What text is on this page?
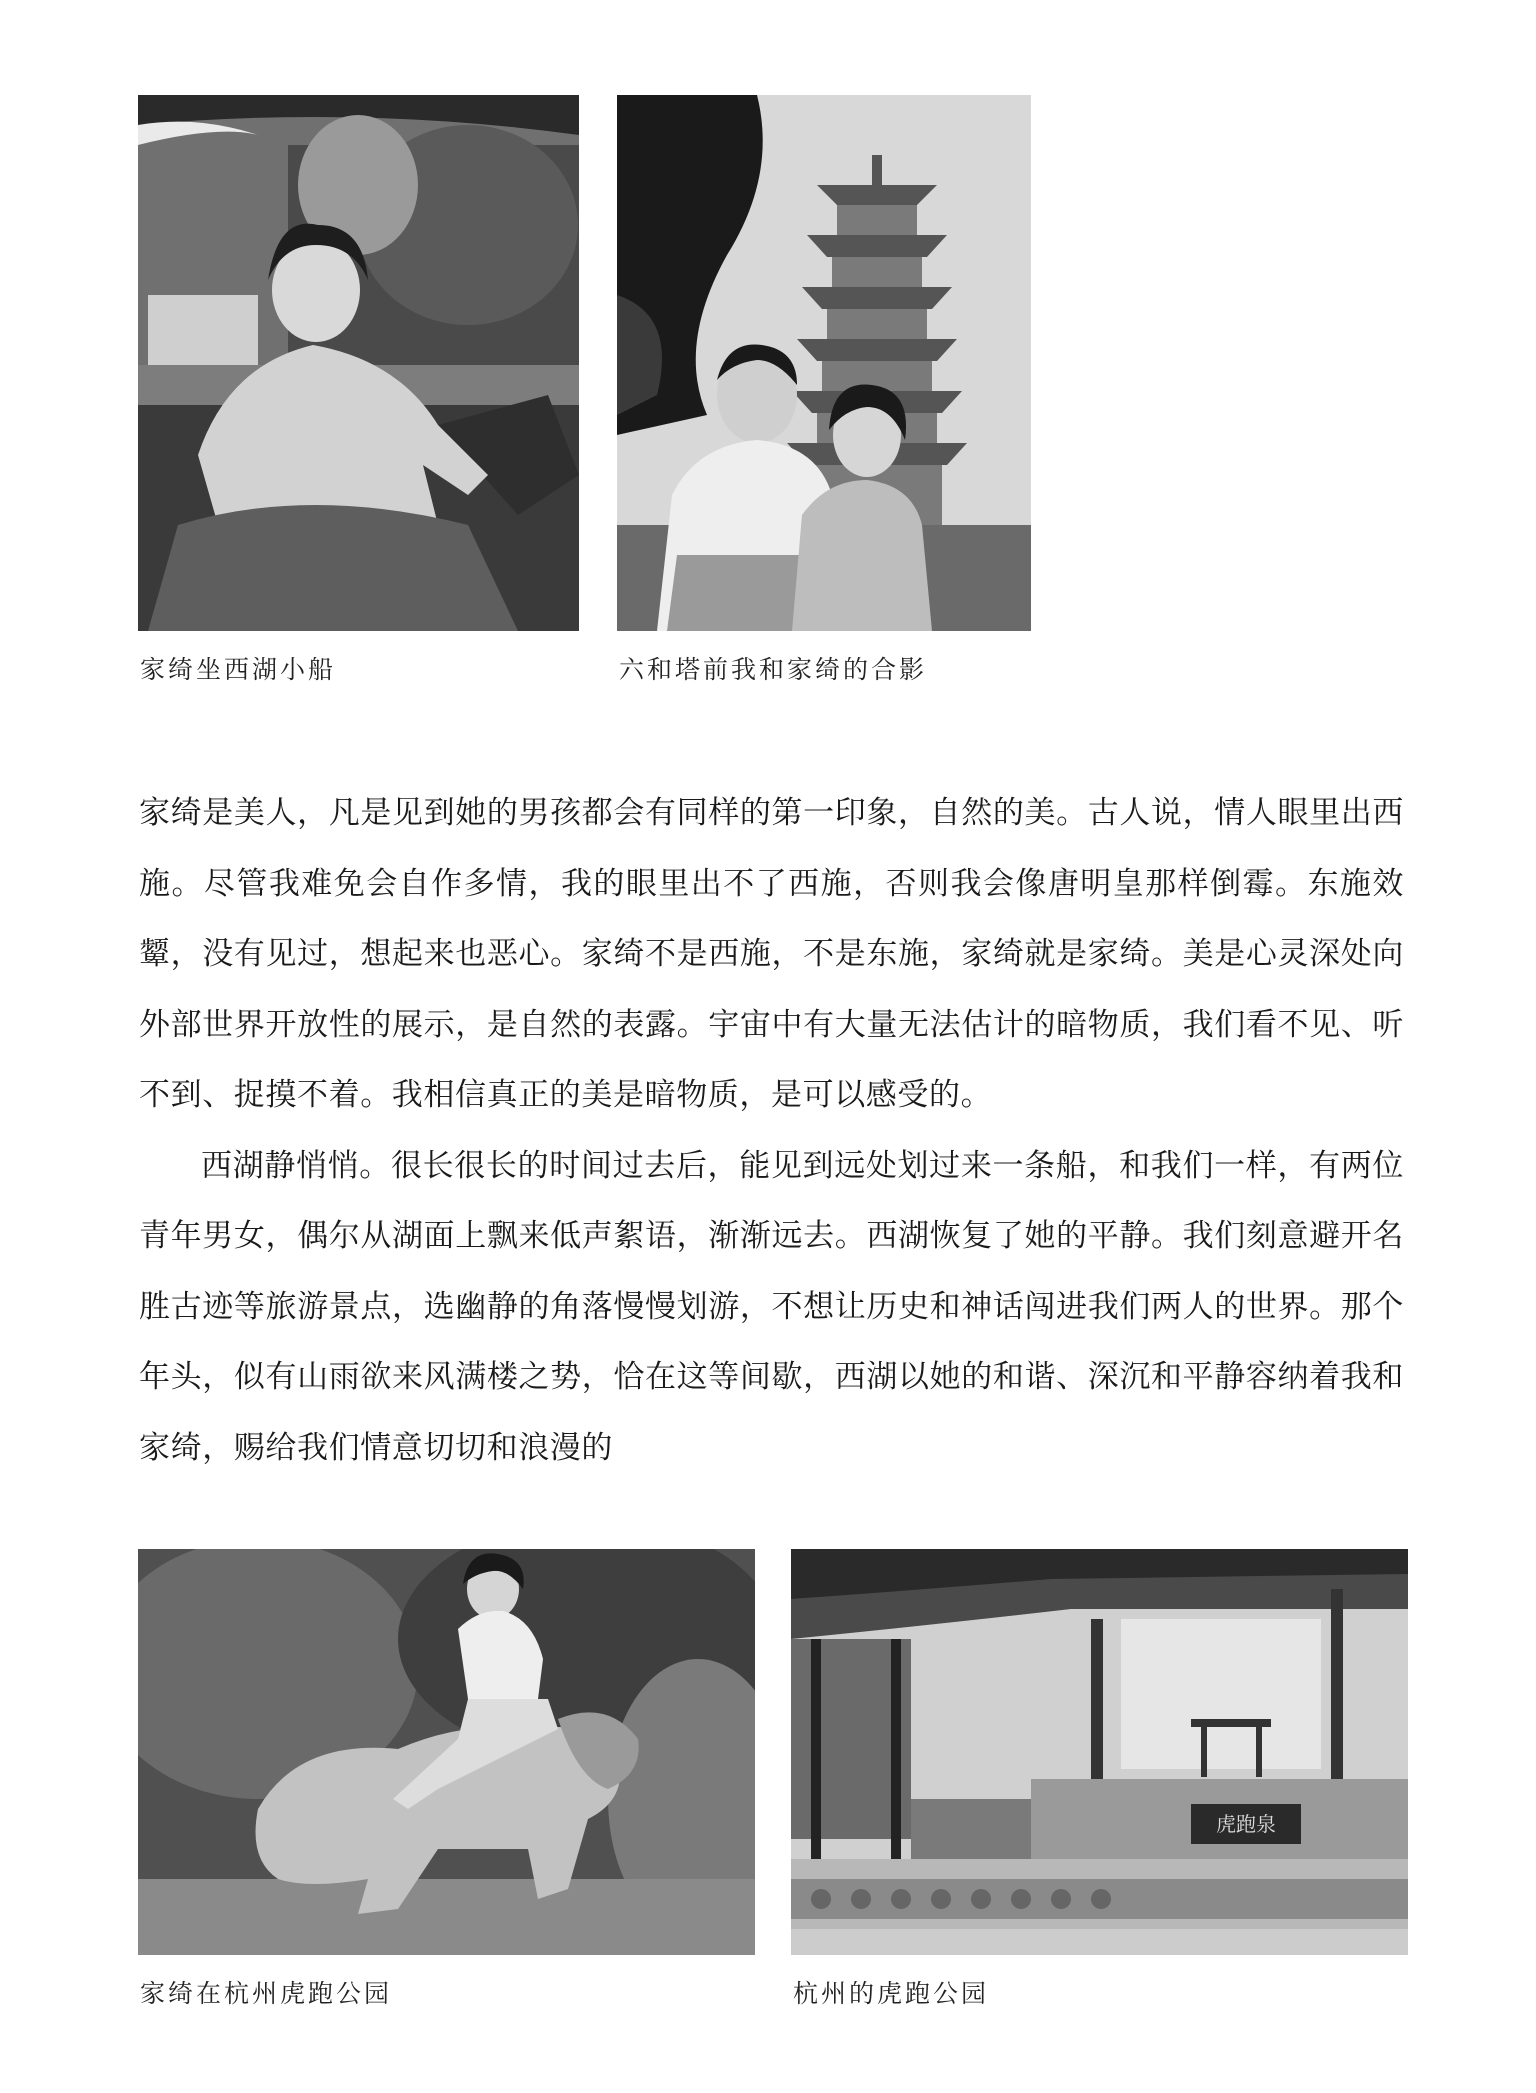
家绮坐西湖小船	六和塔前我和家绮的合影

家绮是美人，凡是见到她的男孩都会有同样的第一印象，自然的美。古人说，情人眼里出西施。尽管我难免会自作多情，我的眼里出不了西施，否则我会像唐明皇那样倒霉。东施效颦，没有见过，想起来也恶心。家绮不是西施，不是东施，家绮就是家绮。美是心灵深处向外部世界开放性的展示，是自然的表露。宇宙中有大量无法估计的暗物质，我们看不见、听不到、捉摸不着。我相信真正的美是暗物质，是可以感受的。

西湖静悄悄。很长很长的时间过去后，能见到远处划过来一条船，和我们一样，有两位青年男女，偶尔从湖面上飘来低声絮语，渐渐远去。西湖恢复了她的平静。我们刻意避开名胜古迹等旅游景点，选幽静的角落慢慢划游，不想让历史和神话闯进我们两人的世界。那个年头，似有山雨欲来风满楼之势，恰在这等间歇，西湖以她的和谐、深沉和平静容纳着我和家绮，赐给我们情意切切和浪漫的

家绮在杭州虎跑公园
虎跑泉
杭州的虎跑公园
